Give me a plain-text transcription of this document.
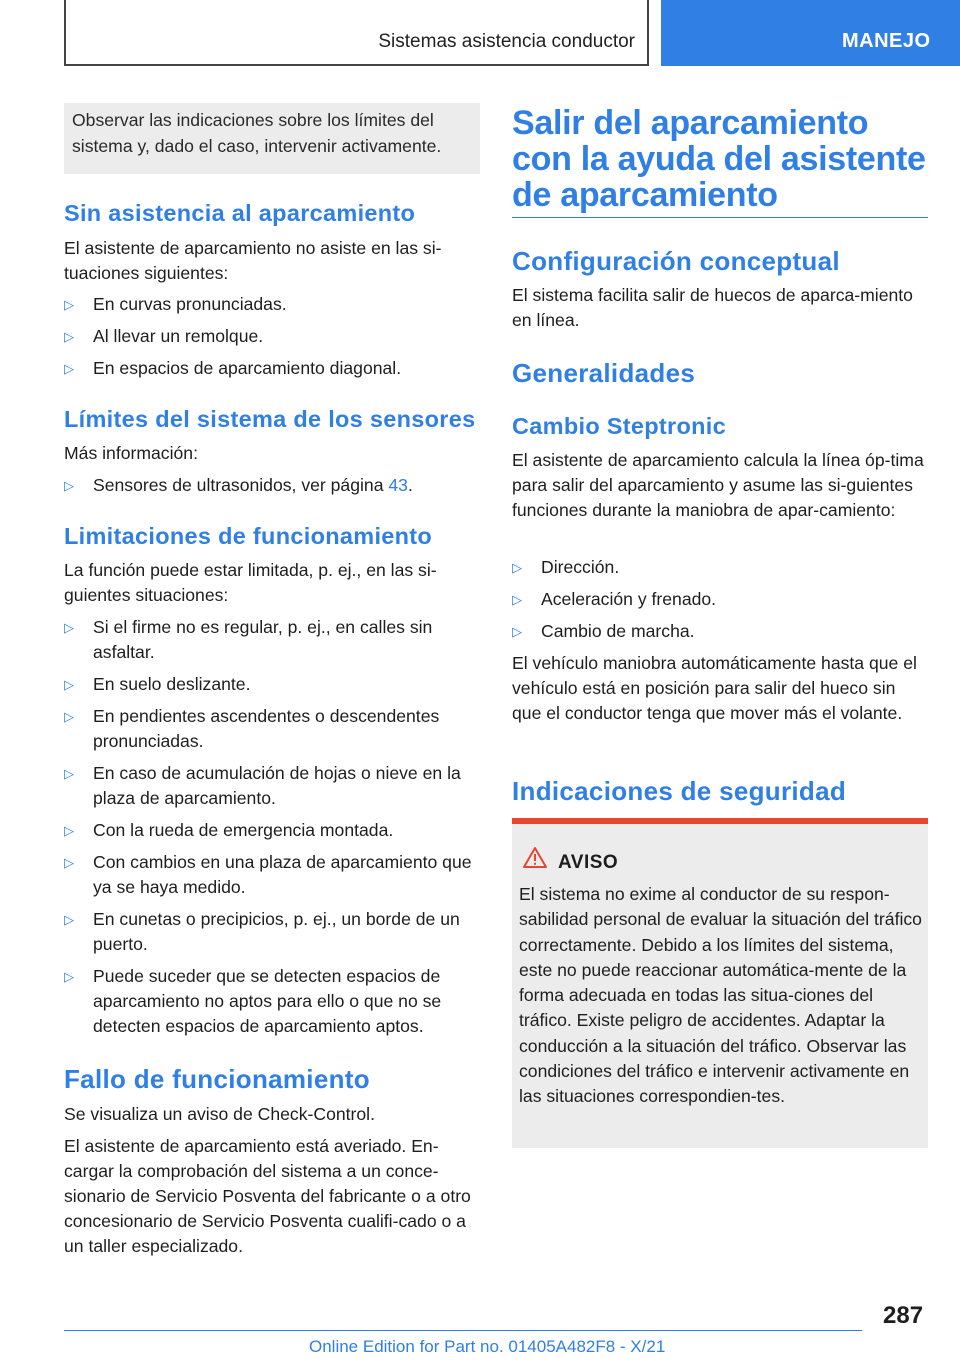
Sistemas asistencia conductor	MANEJO

Observar las indicaciones sobre los límites del sistema y, dado el caso, intervenir activamente.

Sin asistencia al aparcamiento
El asistente de aparcamiento no asiste en las si-tuaciones siguientes:
▷ En curvas pronunciadas.
▷ Al llevar un remolque.
▷ En espacios de aparcamiento diagonal.
Límites del sistema de los sensores
Más información:
▷ Sensores de ultrasonidos, ver página 43.
Limitaciones de funcionamiento
La función puede estar limitada, p. ej., en las si-guientes situaciones:
▷ Si el firme no es regular, p. ej., en calles sin asfaltar.
▷ En suelo deslizante.
▷ En pendientes ascendentes o descendentes pronunciadas.
▷ En caso de acumulación de hojas o nieve en la plaza de aparcamiento.
▷ Con la rueda de emergencia montada.
▷ Con cambios en una plaza de aparcamiento que ya se haya medido.
▷ En cunetas o precipicios, p. ej., un borde de un puerto.
▷ Puede suceder que se detecten espacios de aparcamiento no aptos para ello o que no se detecten espacios de aparcamiento aptos.
Fallo de funcionamiento
Se visualiza un aviso de Check-Control.
El asistente de aparcamiento está averiado. En-cargar la comprobación del sistema a un conce-sionario de Servicio Posventa del fabricante o a otro concesionario de Servicio Posventa cualifi-cado o a un taller especializado.
Salir del aparcamiento con la ayuda del asistente de aparcamiento
Configuración conceptual
El sistema facilita salir de huecos de aparca-miento en línea.
Generalidades
Cambio Steptronic
El asistente de aparcamiento calcula la línea óp-tima para salir del aparcamiento y asume las si-guientes funciones durante la maniobra de apar-camiento:
▷ Dirección.
▷ Aceleración y frenado.
▷ Cambio de marcha.
El vehículo maniobra automáticamente hasta que el vehículo está en posición para salir del hueco sin que el conductor tenga que mover más el volante.
Indicaciones de seguridad
AVISO
El sistema no exime al conductor de su respon-sabilidad personal de evaluar la situación del tráfico correctamente. Debido a los límites del sistema, este no puede reaccionar automática-mente de la forma adecuada en todas las situa-ciones del tráfico. Existe peligro de accidentes. Adaptar la conducción a la situación del tráfico. Observar las condiciones del tráfico e intervenir activamente en las situaciones correspondien-tes.
287
Online Edition for Part no. 01405A482F8 - X/21
